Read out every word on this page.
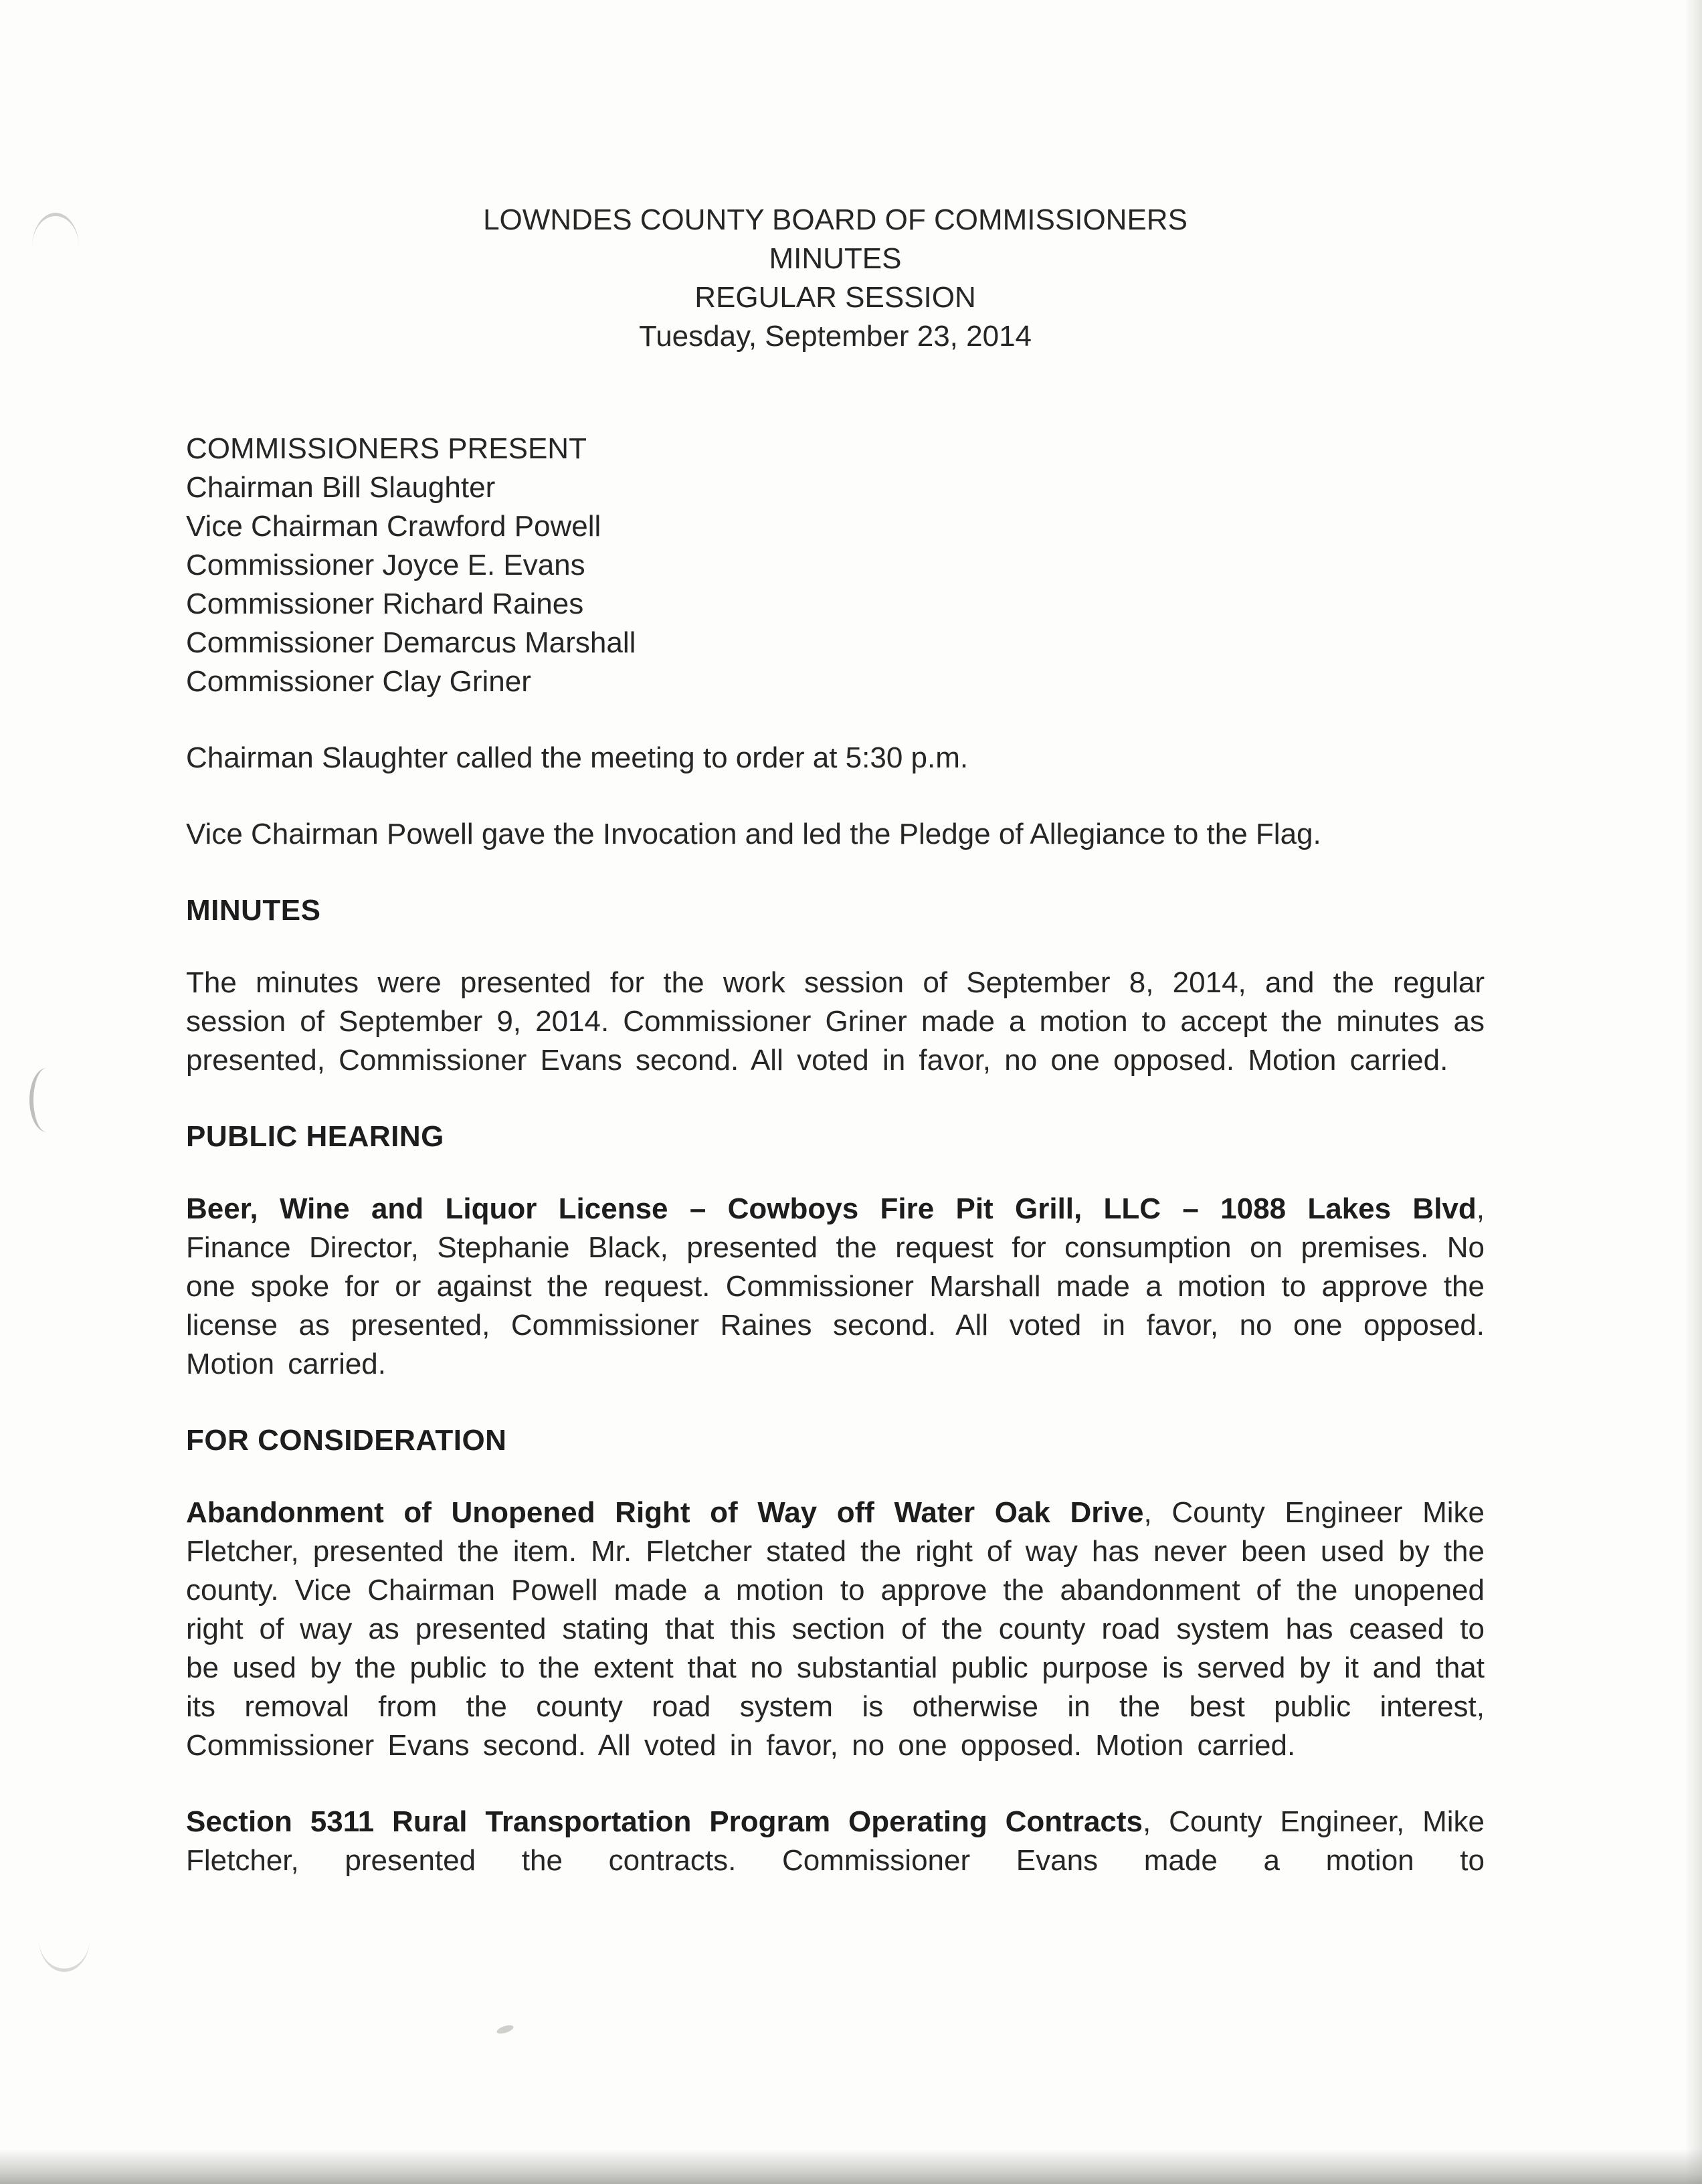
LOWNDES COUNTY BOARD OF COMMISSIONERS
MINUTES
REGULAR SESSION
Tuesday, September 23, 2014
COMMISSIONERS PRESENT
Chairman Bill Slaughter
Vice Chairman Crawford Powell
Commissioner Joyce E. Evans
Commissioner Richard Raines
Commissioner Demarcus Marshall
Commissioner Clay Griner

Chairman Slaughter called the meeting to order at 5:30 p.m.

Vice Chairman Powell gave the Invocation and led the Pledge of Allegiance to the Flag.

MINUTES

The minutes were presented for the work session of September 8, 2014, and the regular session of September 9, 2014. Commissioner Griner made a motion to accept the minutes as presented, Commissioner Evans second. All voted in favor, no one opposed. Motion carried.

PUBLIC HEARING

Beer, Wine and Liquor License – Cowboys Fire Pit Grill, LLC – 1088 Lakes Blvd, Finance Director, Stephanie Black, presented the request for consumption on premises. No one spoke for or against the request. Commissioner Marshall made a motion to approve the license as presented, Commissioner Raines second. All voted in favor, no one opposed. Motion carried.

FOR CONSIDERATION

Abandonment of Unopened Right of Way off Water Oak Drive, County Engineer Mike Fletcher, presented the item. Mr. Fletcher stated the right of way has never been used by the county. Vice Chairman Powell made a motion to approve the abandonment of the unopened right of way as presented stating that this section of the county road system has ceased to be used by the public to the extent that no substantial public purpose is served by it and that its removal from the county road system is otherwise in the best public interest, Commissioner Evans second. All voted in favor, no one opposed. Motion carried.

Section 5311 Rural Transportation Program Operating Contracts, County Engineer, Mike Fletcher, presented the contracts. Commissioner Evans made a motion to
